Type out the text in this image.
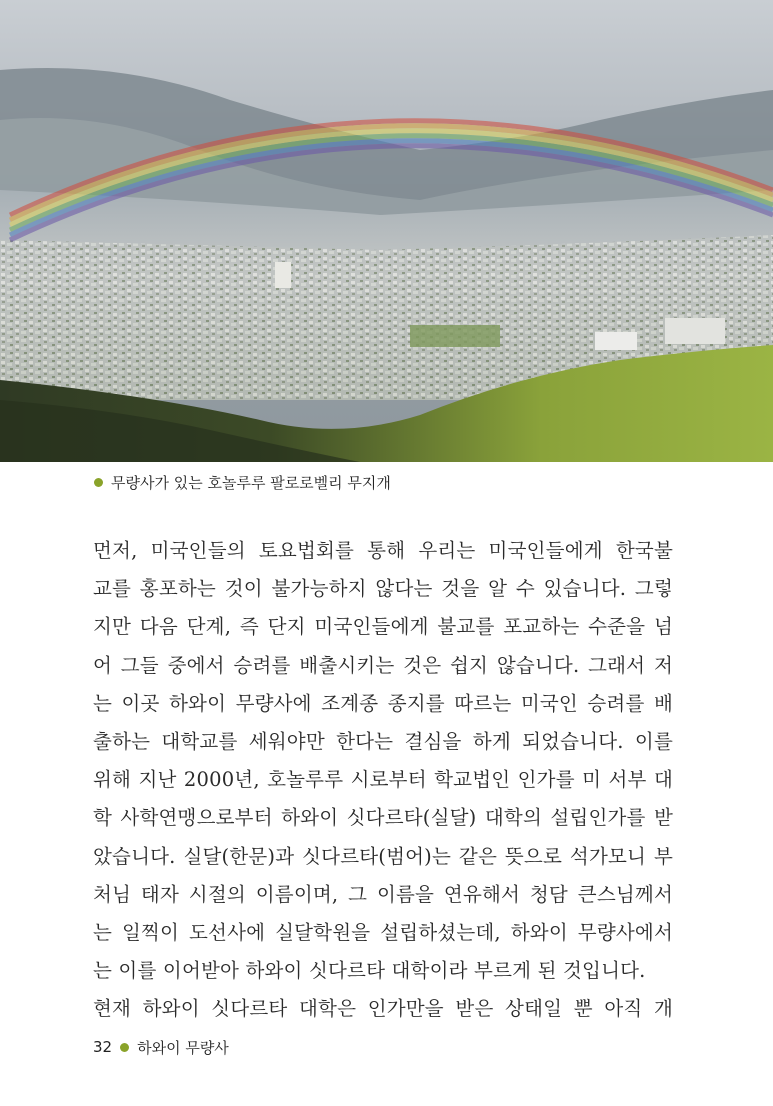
무량사가 있는 호놀루루 팔로로벨리 무지개
먼저, 미국인들의 토요법회를 통해 우리는 미국인들에게 한국불
교를 홍포하는 것이 불가능하지 않다는 것을 알 수 있습니다. 그렇
지만 다음 단계, 즉 단지 미국인들에게 불교를 포교하는 수준을 넘
어 그들 중에서 승려를 배출시키는 것은 쉽지 않습니다. 그래서 저
는 이곳 하와이 무량사에 조계종 종지를 따르는 미국인 승려를 배
출하는 대학교를 세워야만 한다는 결심을 하게 되었습니다. 이를
위해 지난 2000년, 호놀루루 시로부터 학교법인 인가를 미 서부 대
학 사학연맹으로부터 하와이 싯다르타(실달) 대학의 설립인가를 받
았습니다. 실달(한문)과 싯다르타(범어)는 같은 뜻으로 석가모니 부
처님 태자 시절의 이름이며, 그 이름을 연유해서 청담 큰스님께서
는 일찍이 도선사에 실달학원을 설립하셨는데, 하와이 무량사에서
는 이를 이어받아 하와이 싯다르타 대학이라 부르게 된 것입니다.
현재 하와이 싯다르타 대학은 인가만을 받은 상태일 뿐 아직 개
32 하와이 무량사
